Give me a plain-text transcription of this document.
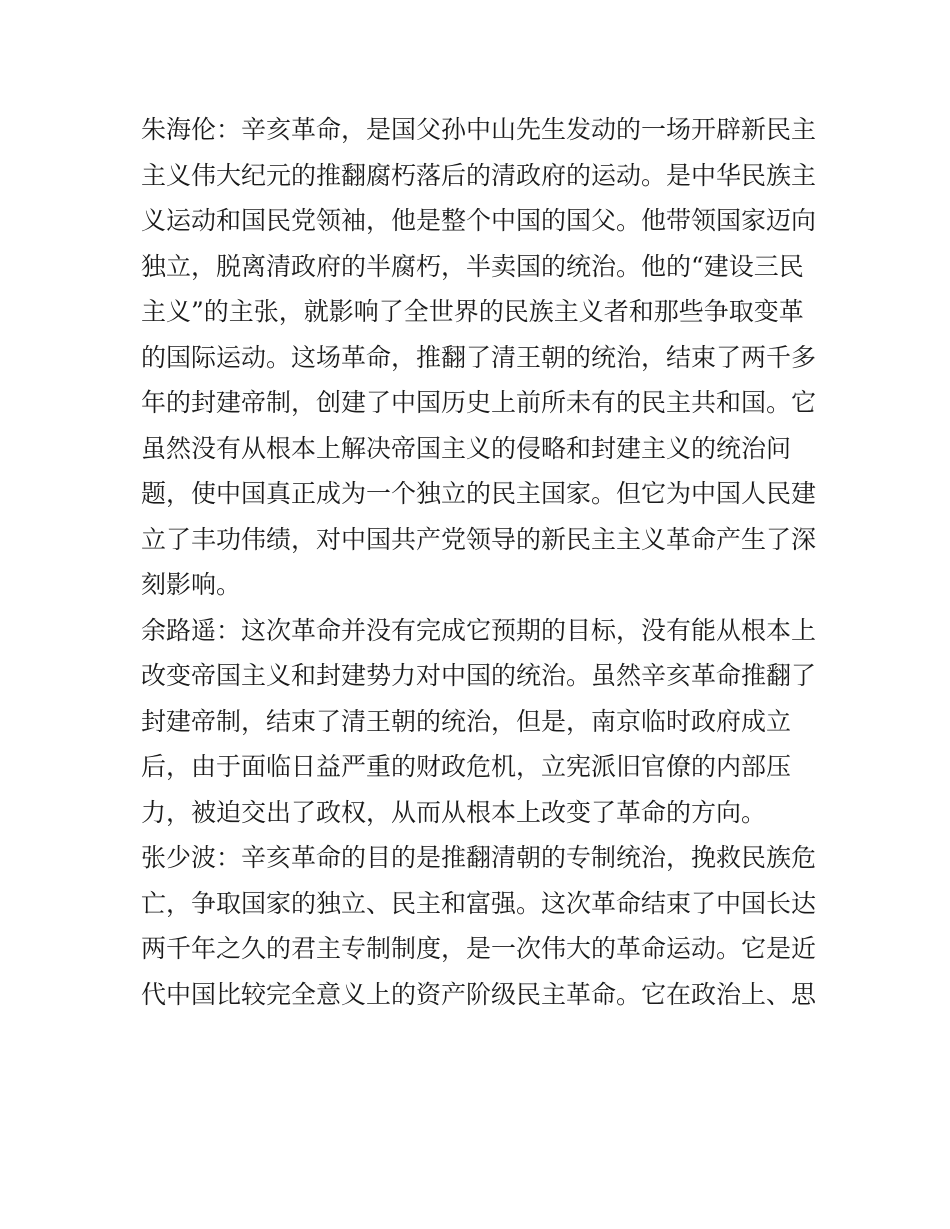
朱海伦：辛亥革命，是国父孙中山先生发动的一场开辟新民主
主义伟大纪元的推翻腐朽落后的清政府的运动。是中华民族主
义运动和国民党领袖，他是整个中国的国父。他带领国家迈向
独立，脱离清政府的半腐朽，半卖国的统治。他的“建设三民
主义”的主张，就影响了全世界的民族主义者和那些争取变革
的国际运动。这场革命，推翻了清王朝的统治，结束了两千多
年的封建帝制，创建了中国历史上前所未有的民主共和国。它
虽然没有从根本上解决帝国主义的侵略和封建主义的统治问
题，使中国真正成为一个独立的民主国家。但它为中国人民建
立了丰功伟绩，对中国共产党领导的新民主主义革命产生了深
刻影响。
余路遥：这次革命并没有完成它预期的目标，没有能从根本上
改变帝国主义和封建势力对中国的统治。虽然辛亥革命推翻了
封建帝制，结束了清王朝的统治，但是，南京临时政府成立
后，由于面临日益严重的财政危机，立宪派旧官僚的内部压
力，被迫交出了政权，从而从根本上改变了革命的方向。
张少波：辛亥革命的目的是推翻清朝的专制统治，挽救民族危
亡，争取国家的独立、民主和富强。这次革命结束了中国长达
两千年之久的君主专制制度，是一次伟大的革命运动。它是近
代中国比较完全意义上的资产阶级民主革命。它在政治上、思
